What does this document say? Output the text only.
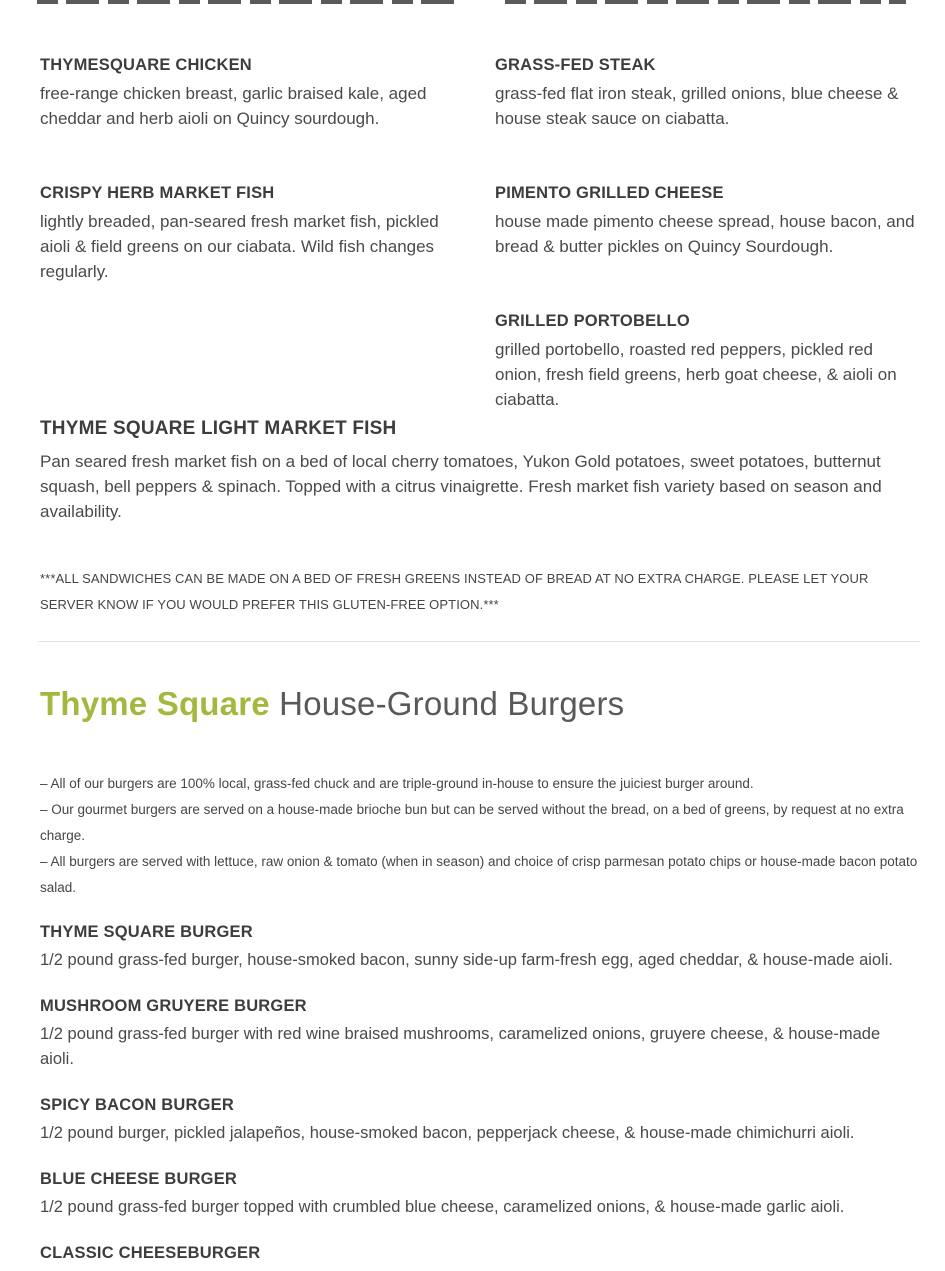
THYMESQUARE CHICKEN

free-range chicken breast, garlic braised kale, aged cheddar and herb aioli on Quincy sourdough.

CRISPY HERB MARKET FISH

lightly breaded, pan-seared fresh market fish, pickled aioli & field greens on our ciabata. Wild fish changes regularly.

GRASS-FED STEAK

grass-fed flat iron steak, grilled onions, blue cheese & house steak sauce on ciabatta.

PIMENTO GRILLED CHEESE

house made pimento cheese spread, house bacon, and bread & butter pickles on Quincy Sourdough.

GRILLED PORTOBELLO

grilled portobello, roasted red peppers, pickled red onion, fresh field greens, herb goat cheese, & aioli on ciabatta.

THYME SQUARE LIGHT MARKET FISH

Pan seared fresh market fish on a bed of local cherry tomatoes, Yukon Gold potatoes, sweet potatoes, butternut squash, bell peppers & spinach. Topped with a citrus vinaigrette. Fresh market fish variety based on season and availability.

***ALL SANDWICHES CAN BE MADE ON A BED OF FRESH GREENS INSTEAD OF BREAD AT NO EXTRA CHARGE. PLEASE LET YOUR SERVER KNOW IF YOU WOULD PREFER THIS GLUTEN-FREE OPTION.***
Thyme Square House-Ground Burgers

– All of our burgers are 100% local, grass-fed chuck and are triple-ground in-house to ensure the juiciest burger around.

– Our gourmet burgers are served on a house-made brioche bun but can be served without the bread, on a bed of greens, by request at no extra charge.

– All burgers are served with lettuce, raw onion & tomato (when in season) and choice of crisp parmesan potato chips or house-made bacon potato salad.

THYME SQUARE BURGER

1/2 pound grass-fed burger, house-smoked bacon, sunny side-up farm-fresh egg, aged cheddar, & house-made aioli.

MUSHROOM GRUYERE BURGER

1/2 pound grass-fed burger with red wine braised mushrooms, caramelized onions, gruyere cheese, & house-made aioli.

SPICY BACON BURGER

1/2 pound burger, pickled jalapeños, house-smoked bacon, pepperjack cheese, & house-made chimichurri aioli.

BLUE CHEESE BURGER

1/2 pound grass-fed burger topped with crumbled blue cheese, caramelized onions, & house-made garlic aioli.

CLASSIC CHEESEBURGER
